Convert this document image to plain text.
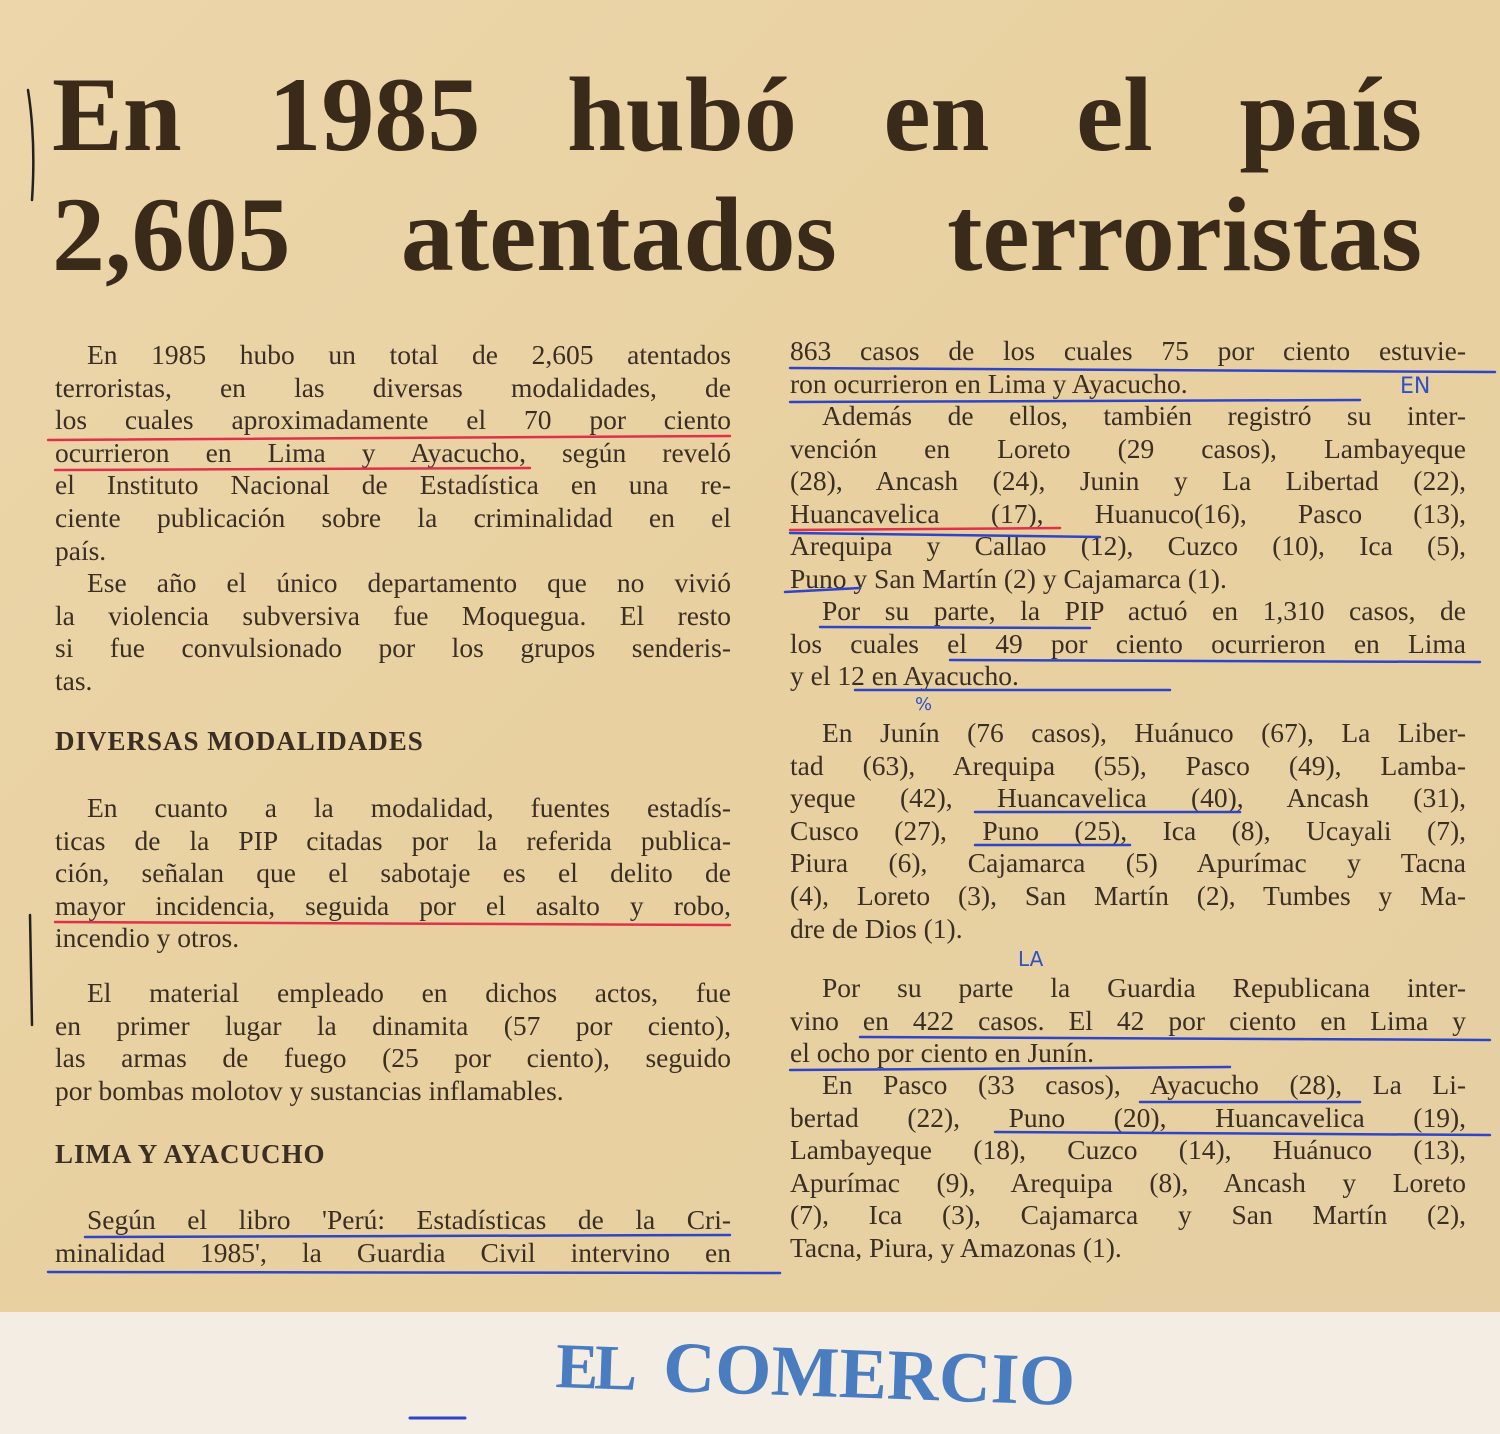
En 1985 hubó en el país
2,605 atentados terroristas
En 1985 hubo un total de 2,605 atentados
terroristas, en las diversas modalidades, de
los cuales aproximadamente el 70 por ciento
ocurrieron en Lima y Ayacucho, según reveló
el Instituto Nacional de Estadística en una re-
ciente publicación sobre la criminalidad en el
país.
Ese año el único departamento que no vivió
la violencia subversiva fue Moquegua. El resto
si fue convulsionado por los grupos senderis-
tas.
DIVERSAS MODALIDADES
En cuanto a la modalidad, fuentes estadís-
ticas de la PIP citadas por la referida publica-
ción, señalan que el sabotaje es el delito de
mayor incidencia, seguida por el asalto y robo,
incendio y otros.
El material empleado en dichos actos, fue
en primer lugar la dinamita (57 por ciento),
las armas de fuego (25 por ciento), seguido
por bombas molotov y sustancias inflamables.
LIMA Y AYACUCHO
Según el libro 'Perú: Estadísticas de la Cri-
minalidad 1985', la Guardia Civil intervino en
863 casos de los cuales 75 por ciento estuvie-
ron ocurrieron en Lima y Ayacucho.
Además de ellos, también registró su inter-
vención en Loreto (29 casos), Lambayeque
(28), Ancash (24), Junin y La Libertad (22),
Huancavelica (17), Huanuco(16), Pasco (13),
Arequipa y Callao (12), Cuzco (10), Ica (5),
Puno y San Martín (2) y Cajamarca (1).
Por su parte, la PIP actuó en 1,310 casos, de
los cuales el 49 por ciento ocurrieron en Lima
y el 12 en Ayacucho.
En Junín (76 casos), Huánuco (67), La Liber-
tad (63), Arequipa (55), Pasco (49), Lamba-
yeque (42), Huancavelica (40), Ancash (31),
Cusco (27), Puno (25), Ica (8), Ucayali (7),
Piura (6), Cajamarca (5) Apurímac y Tacna
(4), Loreto (3), San Martín (2), Tumbes y Ma-
dre de Dios (1).
Por su parte la Guardia Republicana inter-
vino en 422 casos. El 42 por ciento en Lima y
el ocho por ciento en Junín.
En Pasco (33 casos), Ayacucho (28), La Li-
bertad (22), Puno (20), Huancavelica (19),
Lambayeque (18), Cuzco (14), Huánuco (13),
Apurímac (9), Arequipa (8), Ancash y Loreto
(7), Ica (3), Cajamarca y San Martín (2),
Tacna, Piura, y Amazonas (1).
EN
LA
%
EL COMERCIO
